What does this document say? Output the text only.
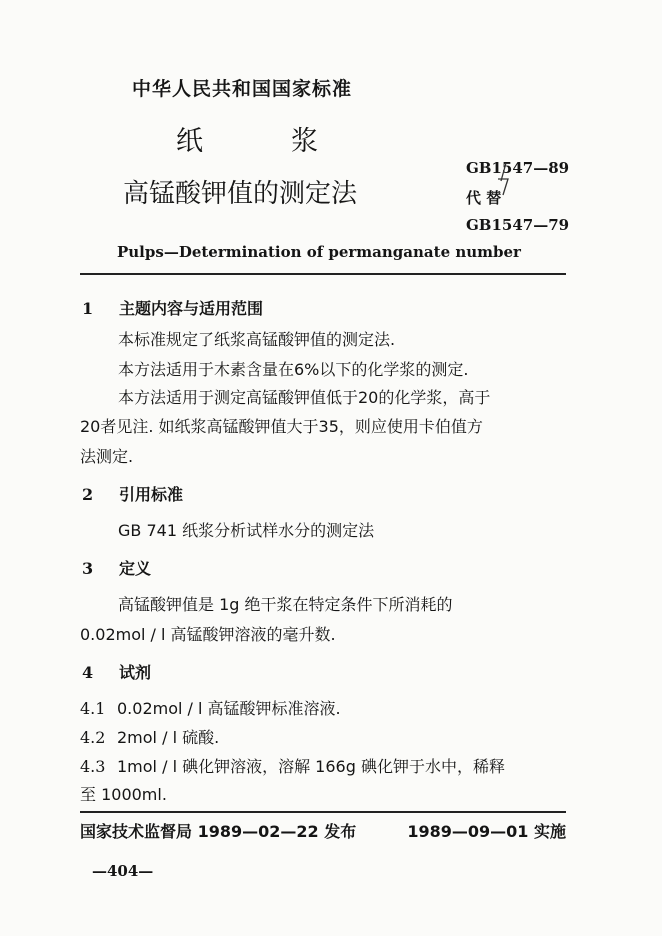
中华人民共和国国家标准
纸	浆
高锰酸钾值的测定法
GB1547—89
代 替
GB1547—79
Pulps—Determination of permanganate number
1 主题内容与适用范围
本标准规定了纸浆高锰酸钾值的测定法.
本方法适用于木素含量在6%以下的化学浆的测定.
本方法适用于测定高锰酸钾值低于20的化学浆，高于
20者见注. 如纸浆高锰酸钾值大于35，则应使用卡伯值方
法测定.
2 引用标准
GB 741 纸浆分析试样水分的测定法
3 定义
高锰酸钾值是 1g 绝干浆在特定条件下所消耗的
0.02mol / l 高锰酸钾溶液的毫升数.
4 试剂
4.1 0.02mol / l 高锰酸钾标准溶液.
4.2 2mol / l 硫酸.
4.3 1mol / l 碘化钾溶液，溶解 166g 碘化钾于水中，稀释
至 1000ml.
国家技术监督局 1989—02—22 发布	1989—09—01 实施
—404—
